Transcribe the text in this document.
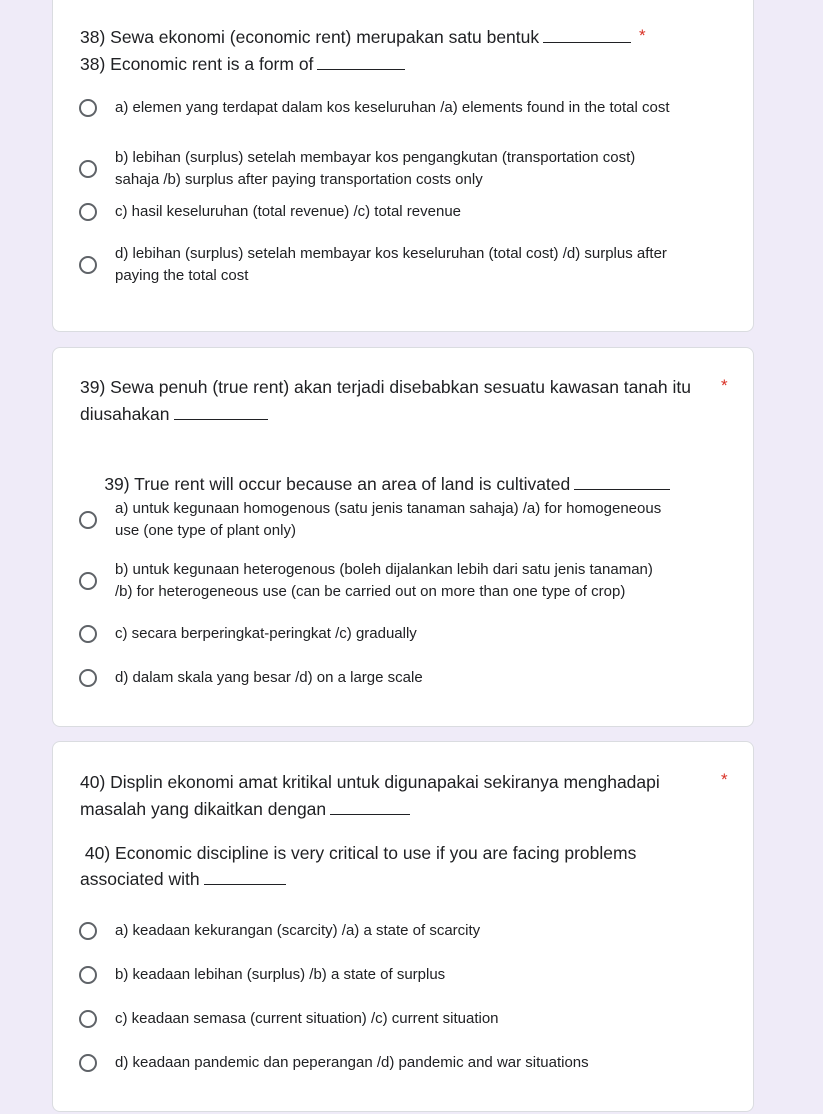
38) Sewa ekonomi (economic rent) merupakan satu bentuk	*
38) Economic rent is a form of
a) elemen yang terdapat dalam kos keseluruhan /a) elements found in the total cost
b) lebihan (surplus) setelah membayar kos pengangkutan (transportation cost)
sahaja /b) surplus after paying transportation costs only
c) hasil keseluruhan (total revenue) /c) total revenue
d) lebihan (surplus) setelah membayar kos keseluruhan (total cost) /d) surplus after
paying the total cost
39) Sewa penuh (true rent) akan terjadi disebabkan sesuatu kawasan tanah itu *
diusahakan

39) True rent will occur because an area of land is cultivated

a) untuk kegunaan homogenous (satu jenis tanaman sahaja) /a) for homogeneous
use (one type of plant only)
b) untuk kegunaan heterogenous (boleh dijalankan lebih dari satu jenis tanaman)
/b) for heterogeneous use (can be carried out on more than one type of crop)
c) secara berperingkat-peringkat /c) gradually
d) dalam skala yang besar /d) on a large scale
40) Displin ekonomi amat kritikal untuk digunapakai sekiranya menghadapi	*
masalah yang dikaitkan dengan
40) Economic discipline is very critical to use if you are facing problems
associated with
a) keadaan kekurangan (scarcity) /a) a state of scarcity
b) keadaan lebihan (surplus) /b) a state of surplus
c) keadaan semasa (current situation) /c) current situation
d) keadaan pandemic dan peperangan /d) pandemic and war situations
